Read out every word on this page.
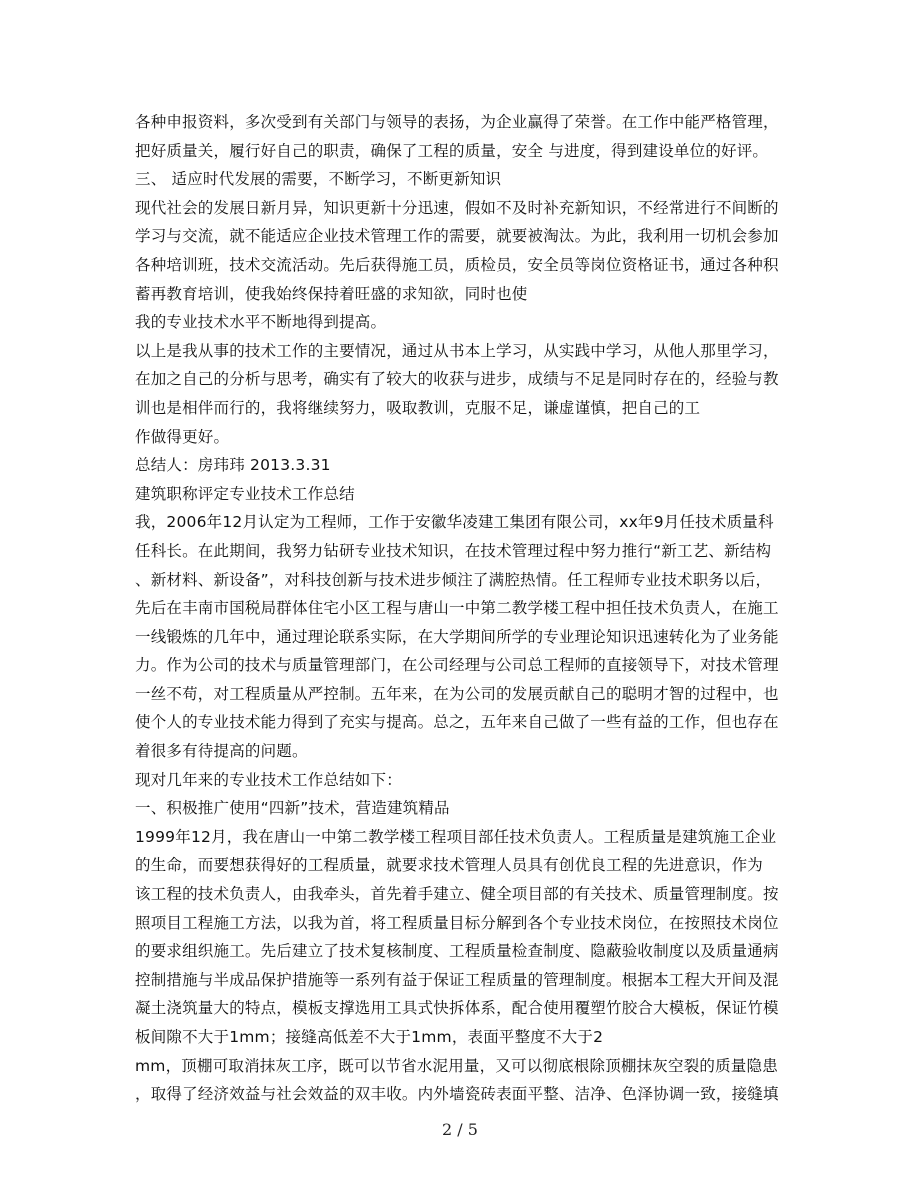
各种申报资料，多次受到有关部门与领导的表扬，为企业赢得了荣誉。在工作中能严格管理，
把好质量关，履行好自己的职责，确保了工程的质量，安全 与进度，得到建设单位的好评。
三、 适应时代发展的需要，不断学习，不断更新知识
现代社会的发展日新月异，知识更新十分迅速，假如不及时补充新知识，不经常进行不间断的
学习与交流，就不能适应企业技术管理工作的需要，就要被淘汰。为此，我利用一切机会参加
各种培训班，技术交流活动。先后获得施工员，质检员，安全员等岗位资格证书，通过各种积
蓄再教育培训，使我始终保持着旺盛的求知欲，同时也使
我的专业技术水平不断地得到提高。
以上是我从事的技术工作的主要情况，通过从书本上学习，从实践中学习，从他人那里学习，
在加之自己的分析与思考，确实有了较大的收获与进步，成绩与不足是同时存在的，经验与教
训也是相伴而行的，我将继续努力，吸取教训，克服不足，谦虚谨慎，把自己的工
作做得更好。
总结人：房玮玮 2013.3.31
建筑职称评定专业技术工作总结
我，2006年12月认定为工程师，工作于安徽华凌建工集团有限公司，xx年9月任技术质量科
任科长。在此期间，我努力钻研专业技术知识，在技术管理过程中努力推行“新工艺、新结构
、新材料、新设备”，对科技创新与技术进步倾注了满腔热情。任工程师专业技术职务以后，
先后在丰南市国税局群体住宅小区工程与唐山一中第二教学楼工程中担任技术负责人，在施工
一线锻炼的几年中，通过理论联系实际，在大学期间所学的专业理论知识迅速转化为了业务能
力。作为公司的技术与质量管理部门，在公司经理与公司总工程师的直接领导下，对技术管理
一丝不苟，对工程质量从严控制。五年来，在为公司的发展贡献自己的聪明才智的过程中，也
使个人的专业技术能力得到了充实与提高。总之，五年来自己做了一些有益的工作，但也存在
着很多有待提高的问题。
现对几年来的专业技术工作总结如下：
一、积极推广使用“四新”技术，营造建筑精品
1999年12月，我在唐山一中第二教学楼工程项目部任技术负责人。工程质量是建筑施工企业
的生命，而要想获得好的工程质量，就要求技术管理人员具有创优良工程的先进意识，作为
该工程的技术负责人，由我牵头，首先着手建立、健全项目部的有关技术、质量管理制度。按
照项目工程施工方法，以我为首，将工程质量目标分解到各个专业技术岗位，在按照技术岗位
的要求组织施工。先后建立了技术复核制度、工程质量检查制度、隐蔽验收制度以及质量通病
控制措施与半成品保护措施等一系列有益于保证工程质量的管理制度。根据本工程大开间及混
凝土浇筑量大的特点，模板支撑选用工具式快拆体系，配合使用覆塑竹胶合大模板，保证竹模
板间隙不大于1mm；接缝高低差不大于1mm，表面平整度不大于2
mm，顶棚可取消抹灰工序，既可以节省水泥用量，又可以彻底根除顶棚抹灰空裂的质量隐患
，取得了经济效益与社会效益的双丰收。内外墙瓷砖表面平整、洁净、色泽协调一致，接缝填
2 / 5
